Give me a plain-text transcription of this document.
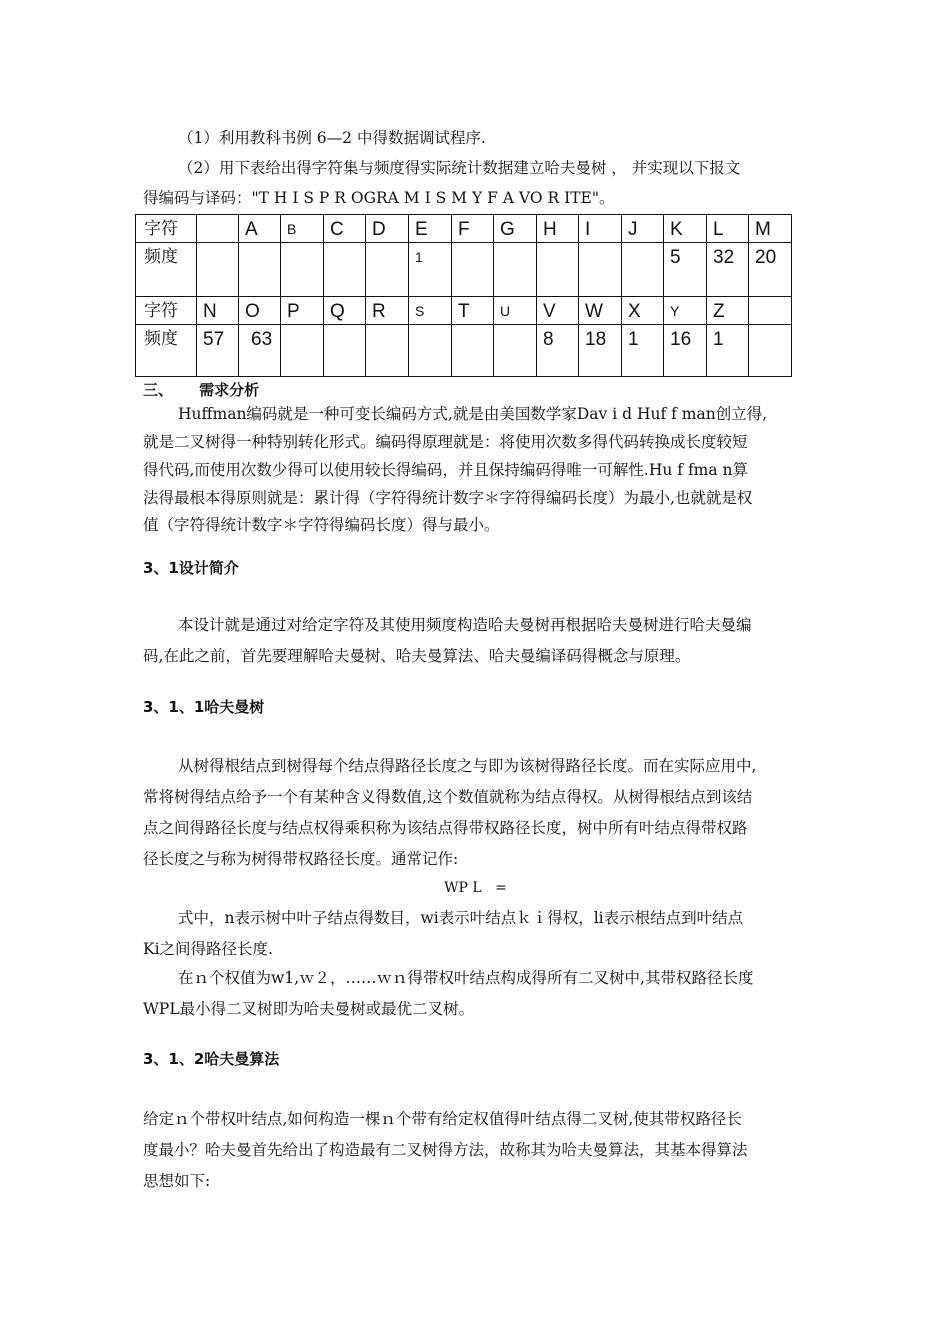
（1）利用教科书例 6—2 中得数据调试程序.
（2）用下表给出得字符集与频度得实际统计数据建立哈夫曼树 ， 并实现以下报文
得编码与译码："T H I S P R OGRA M I S M Y F A VO R ITE"。
字符		A	B	C	D	E	F	G	H	I	J	K	L	M
频度						1						5	32	20
字符	N	O	P	Q	R	S	T	U	V	W	X	Y	Z	
频度	57	63							8	18	1	16	1	
三、     需求分析
Huffman编码就是一种可变长编码方式,就是由美国数学家Dav i d Huf f man创立得,
就是二叉树得一种特别转化形式。编码得原理就是：将使用次数多得代码转换成长度较短
得代码,而使用次数少得可以使用较长得编码，并且保持编码得唯一可解性.Hu f fma n算
法得最根本得原则就是：累计得（字符得统计数字＊字符得编码长度）为最小,也就就是权
值（字符得统计数字＊字符得编码长度）得与最小。
3、1设计简介
本设计就是通过对给定字符及其使用频度构造哈夫曼树再根据哈夫曼树进行哈夫曼编
码,在此之前，首先要理解哈夫曼树、哈夫曼算法、哈夫曼编译码得概念与原理。
3、1、1哈夫曼树
从树得根结点到树得每个结点得路径长度之与即为该树得路径长度。而在实际应用中,
常将树得结点给予一个有某种含义得数值,这个数值就称为结点得权。从树得根结点到该结
点之间得路径长度与结点权得乘积称为该结点得带权路径长度，树中所有叶结点得带权路
径长度之与称为树得带权路径长度。通常记作:
WP L   =
式中，n表示树中叶子结点得数目，wi表示叶结点ｋｉ得权，li表示根结点到叶结点
Ki之间得路径长度.
在ｎ个权值为w1,ｗ２，……ｗｎ得带权叶结点构成得所有二叉树中,其带权路径长度
WPL最小得二叉树即为哈夫曼树或最优二叉树。
3、1、2哈夫曼算法
给定ｎ个带权叶结点,如何构造一棵ｎ个带有给定权值得叶结点得二叉树,使其带权路径长
度最小？哈夫曼首先给出了构造最有二叉树得方法，故称其为哈夫曼算法，其基本得算法
思想如下:
